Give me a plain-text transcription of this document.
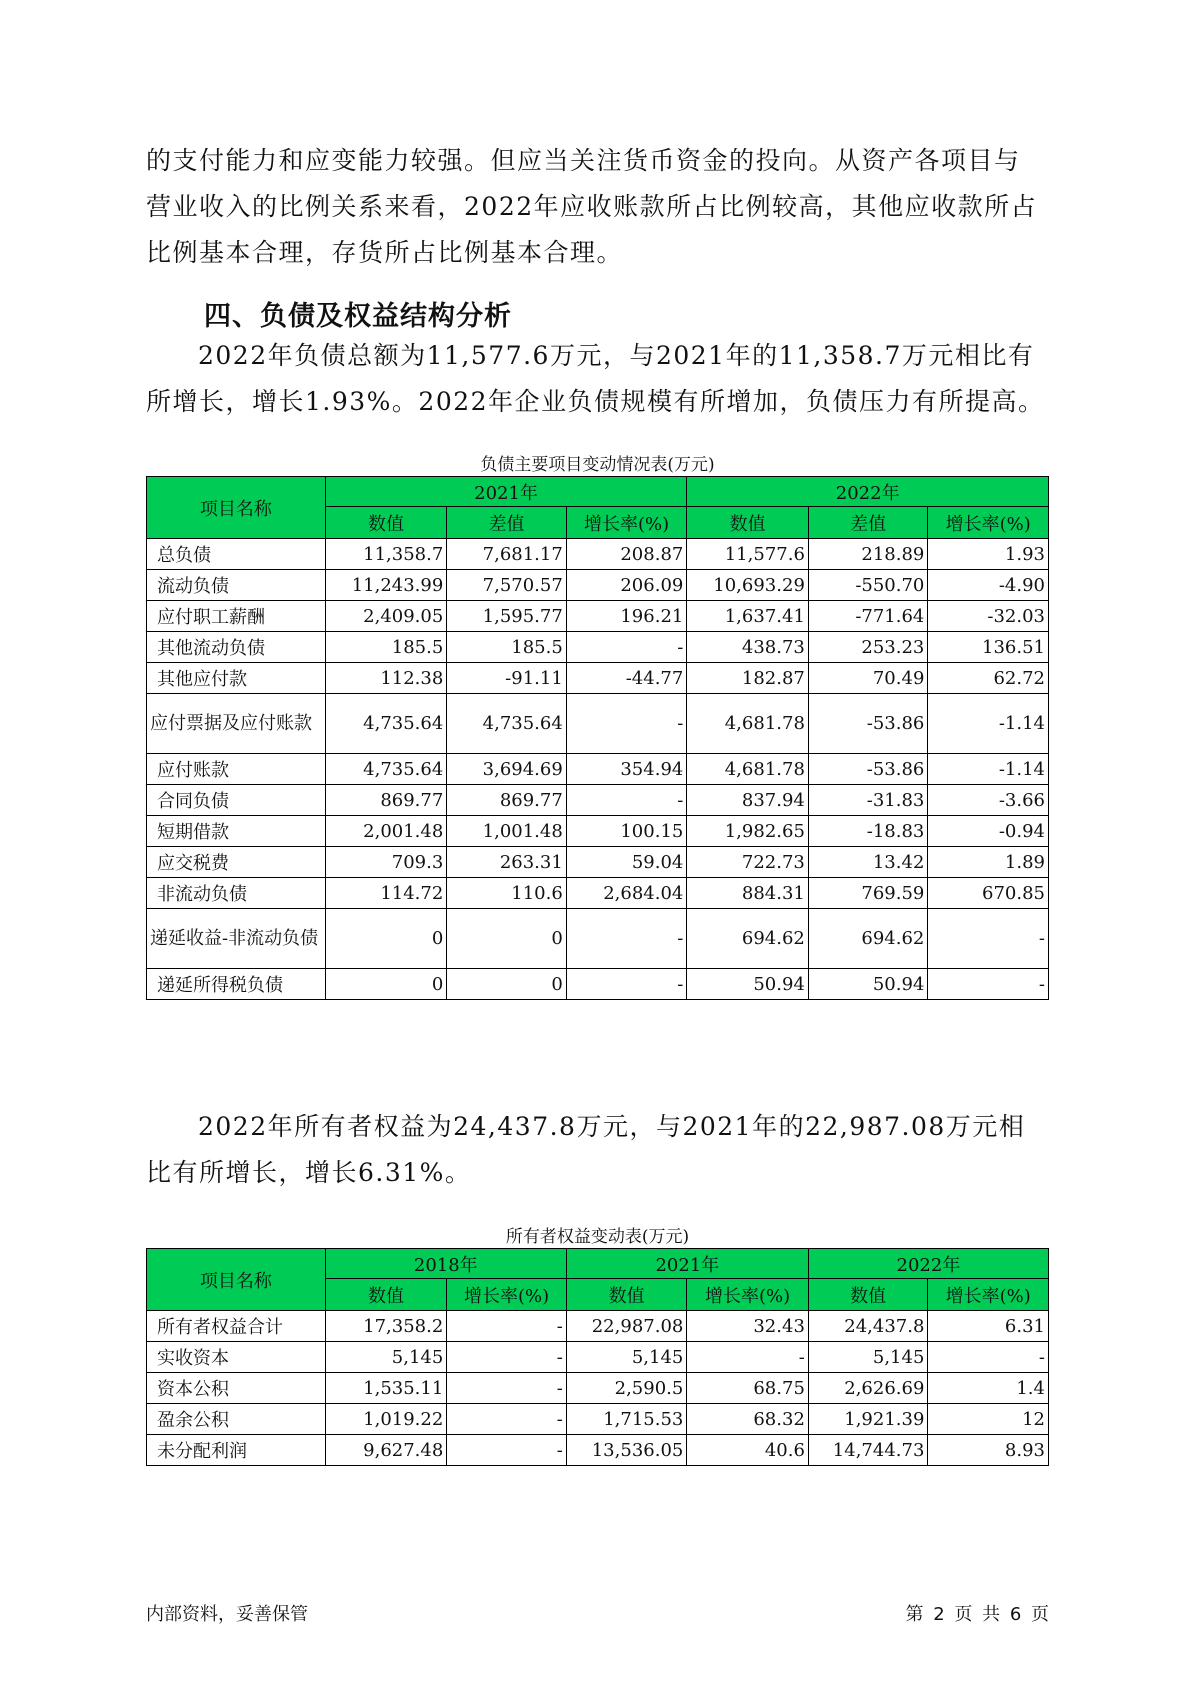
的支付能力和应变能力较强。但应当关注货币资金的投向。从资产各项目与营业收入的比例关系来看，2022年应收账款所占比例较高，其他应收款所占比例基本合理，存货所占比例基本合理。

四、负债及权益结构分析

2022年负债总额为11,577.6万元，与2021年的11,358.7万元相比有所增长，增长1.93%。2022年企业负债规模有所增加，负债压力有所提高。

负债主要项目变动情况表(万元)
项目名称	2021年			2022年		
	数值	差值	增长率(%)	数值	差值	增长率(%)
总负债	11,358.7	7,681.17	208.87	11,577.6	218.89	1.93
流动负债	11,243.99	7,570.57	206.09	10,693.29	-550.70	-4.90
应付职工薪酬	2,409.05	1,595.77	196.21	1,637.41	-771.64	-32.03
其他流动负债	185.5	185.5	-	438.73	253.23	136.51
其他应付款	112.38	-91.11	-44.77	182.87	70.49	62.72
应付票据及应付账款	4,735.64	4,735.64	-	4,681.78	-53.86	-1.14
应付账款	4,735.64	3,694.69	354.94	4,681.78	-53.86	-1.14
合同负债	869.77	869.77	-	837.94	-31.83	-3.66
短期借款	2,001.48	1,001.48	100.15	1,982.65	-18.83	-0.94
应交税费	709.3	263.31	59.04	722.73	13.42	1.89
非流动负债	114.72	110.6	2,684.04	884.31	769.59	670.85
递延收益-非流动负债	0	0	-	694.62	694.62	-
递延所得税负债	0	0	-	50.94	50.94	-

2022年所有者权益为24,437.8万元，与2021年的22,987.08万元相比有所增长，增长6.31%。

所有者权益变动表(万元)
项目名称	2018年		2021年		2022年	
	数值	增长率(%)	数值	增长率(%)	数值	增长率(%)
所有者权益合计	17,358.2	-	22,987.08	32.43	24,437.8	6.31
实收资本	5,145	-	5,145	-	5,145	-
资本公积	1,535.11	-	2,590.5	68.75	2,626.69	1.4
盈余公积	1,019.22	-	1,715.53	68.32	1,921.39	12
未分配利润	9,627.48	-	13,536.05	40.6	14,744.73	8.93
内部资料，妥善保管	第 2 页 共 6 页
